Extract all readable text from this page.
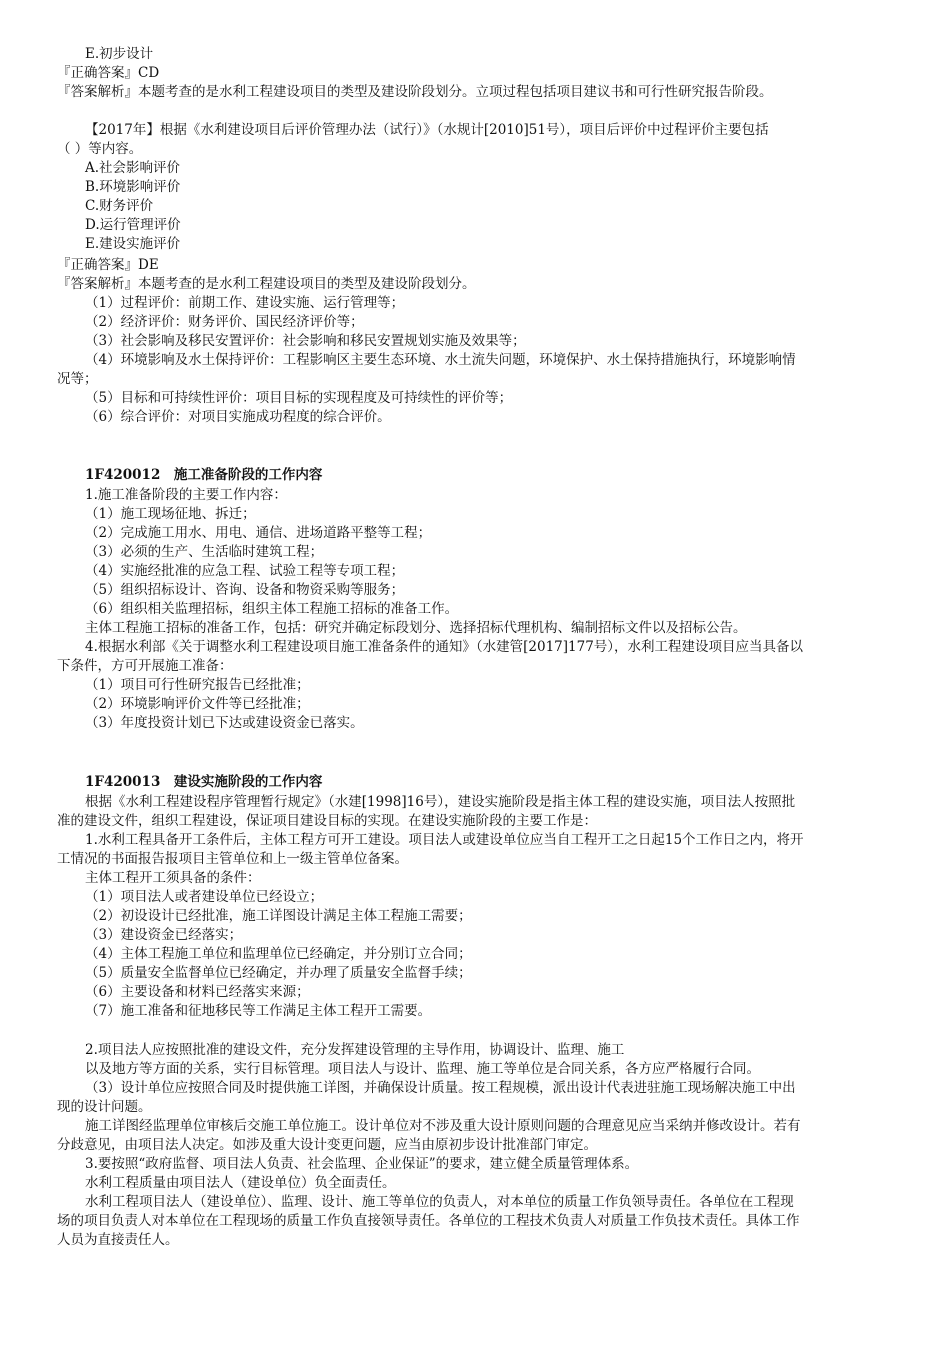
E.初步设计
『正确答案』CD
『答案解析』本题考查的是水利工程建设项目的类型及建设阶段划分。立项过程包括项目建议书和可行性研究报告阶段。
【2017年】根据《水利建设项目后评价管理办法（试行）》（水规计[2010]51号），项目后评价中过程评价主要包括
（ ）等内容。
A.社会影响评价
B.环境影响评价
C.财务评价
D.运行管理评价
E.建设实施评价
『正确答案』DE
『答案解析』本题考查的是水利工程建设项目的类型及建设阶段划分。
（1）过程评价：前期工作、建设实施、运行管理等；
（2）经济评价：财务评价、国民经济评价等；
（3）社会影响及移民安置评价：社会影响和移民安置规划实施及效果等；
（4）环境影响及水土保持评价：工程影响区主要生态环境、水土流失问题，环境保护、水土保持措施执行，环境影响情
况等；
（5）目标和可持续性评价：项目目标的实现程度及可持续性的评价等；
（6）综合评价：对项目实施成功程度的综合评价。
1F420012　施工准备阶段的工作内容
1.施工准备阶段的主要工作内容：
（1）施工现场征地、拆迁；
（2）完成施工用水、用电、通信、进场道路平整等工程；
（3）必须的生产、生活临时建筑工程；
（4）实施经批准的应急工程、试验工程等专项工程；
（5）组织招标设计、咨询、设备和物资采购等服务；
（6）组织相关监理招标，组织主体工程施工招标的准备工作。
主体工程施工招标的准备工作，包括：研究并确定标段划分、选择招标代理机构、编制招标文件以及招标公告。
4.根据水利部《关于调整水利工程建设项目施工准备条件的通知》（水建管[2017]177号），水利工程建设项目应当具备以
下条件，方可开展施工准备：
（1）项目可行性研究报告已经批准；
（2）环境影响评价文件等已经批准；
（3）年度投资计划已下达或建设资金已落实。
1F420013　建设实施阶段的工作内容
根据《水利工程建设程序管理暂行规定》（水建[1998]16号），建设实施阶段是指主体工程的建设实施，项目法人按照批
准的建设文件，组织工程建设，保证项目建设目标的实现。在建设实施阶段的主要工作是：
1.水利工程具备开工条件后，主体工程方可开工建设。项目法人或建设单位应当自工程开工之日起15个工作日之内，将开
工情况的书面报告报项目主管单位和上一级主管单位备案。
主体工程开工须具备的条件：
（1）项目法人或者建设单位已经设立；
（2）初设设计已经批准，施工详图设计满足主体工程施工需要；
（3）建设资金已经落实；
（4）主体工程施工单位和监理单位已经确定，并分别订立合同；
（5）质量安全监督单位已经确定，并办理了质量安全监督手续；
（6）主要设备和材料已经落实来源；
（7）施工准备和征地移民等工作满足主体工程开工需要。
2.项目法人应按照批准的建设文件，充分发挥建设管理的主导作用，协调设计、监理、施工
以及地方等方面的关系，实行目标管理。项目法人与设计、监理、施工等单位是合同关系，各方应严格履行合同。
（3）设计单位应按照合同及时提供施工详图，并确保设计质量。按工程规模，派出设计代表进驻施工现场解决施工中出
现的设计问题。
施工详图经监理单位审核后交施工单位施工。设计单位对不涉及重大设计原则问题的合理意见应当采纳并修改设计。若有
分歧意见，由项目法人决定。如涉及重大设计变更问题，应当由原初步设计批准部门审定。
3.要按照“政府监督、项目法人负责、社会监理、企业保证”的要求，建立健全质量管理体系。
水利工程质量由项目法人（建设单位）负全面责任。
水利工程项目法人（建设单位）、监理、设计、施工等单位的负责人，对本单位的质量工作负领导责任。各单位在工程现
场的项目负责人对本单位在工程现场的质量工作负直接领导责任。各单位的工程技术负责人对质量工作负技术责任。具体工作
人员为直接责任人。
